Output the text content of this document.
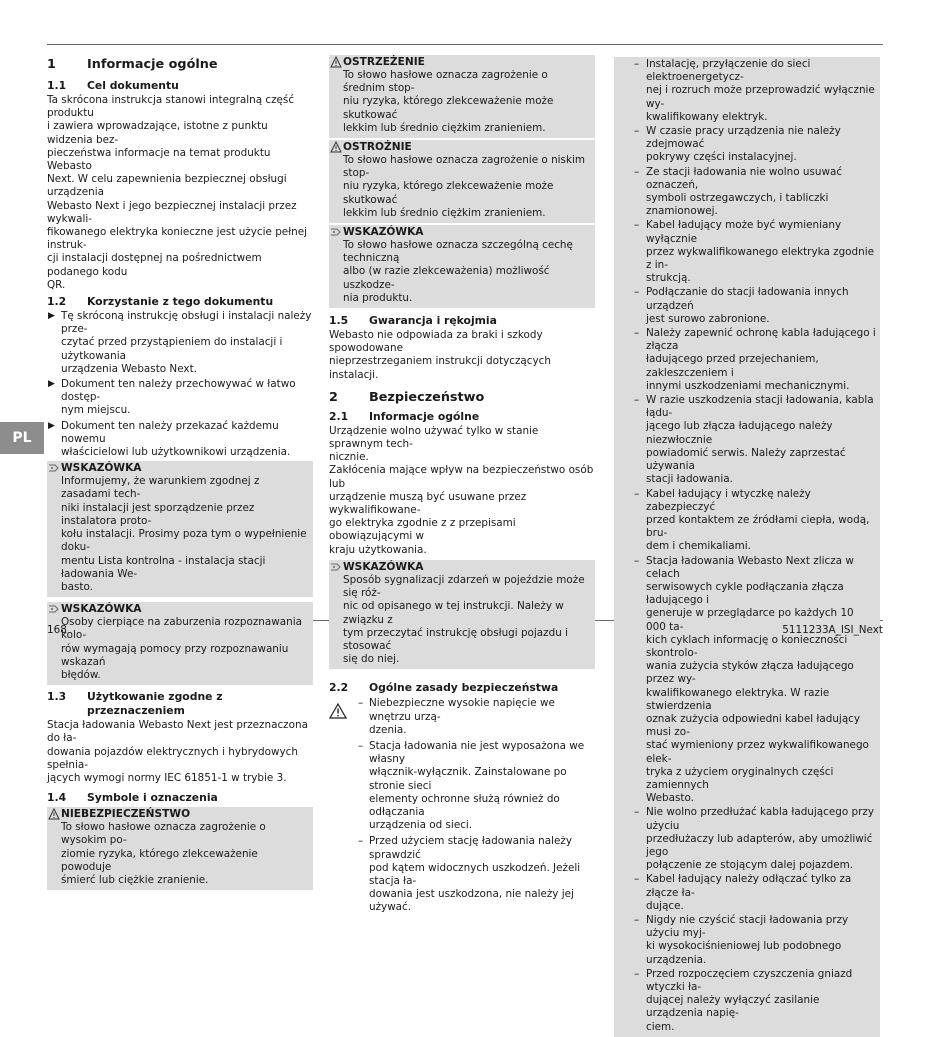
1	Informacje ogólne
1.1	Cel dokumentu

Ta skrócona instrukcja stanowi integralną część produktu
i zawiera wprowadzające, istotne z punktu widzenia bez-
pieczeństwa informacje na temat produktu Webasto
Next. W celu zapewnienia bezpiecznej obsługi urządzenia
Webasto Next i jego bezpiecznej instalacji przez wykwali-
fikowanego elektryka konieczne jest użycie pełnej instruk-
cji instalacji dostępnej na pośrednictwem podanego kodu
QR.

1.2	Korzystanie z tego dokumentu
▶ Tę skróconą instrukcję obsługi i instalacji należy prze-
czytać przed przystąpieniem do instalacji i użytkowania
urządzenia Webasto Next.
▶ Dokument ten należy przechowywać w łatwo dostęp-
nym miejscu.
▶ Dokument ten należy przekazać każdemu nowemu
właścicielowi lub użytkownikowi urządzenia.
WSKAZÓWKA
Informujemy, że warunkiem zgodnej z zasadami tech-
niki instalacji jest sporządzenie przez instalatora proto-
kołu instalacji. Prosimy poza tym o wypełnienie doku-
mentu Lista kontrolna - instalacja stacji ładowania We-
basto.
WSKAZÓWKA
Osoby cierpiące na zaburzenia rozpoznawania kolo-
rów wymagają pomocy przy rozpoznawaniu wskazań
błędów.
1.3	Użytkowanie zgodne z przeznaczeniem

Stacja ładowania Webasto Next jest przeznaczona do ła-
dowania pojazdów elektrycznych i hybrydowych spełnia-
jących wymogi normy IEC 61851-1 w trybie 3.

1.4	Symbole i oznaczenia
NIEBEZPIECZEŃSTWO
To słowo hasłowe oznacza zagrożenie o wysokim po-
ziomie ryzyka, którego zlekceważenie powoduje
śmierć lub ciężkie zranienie.
OSTRZEŻENIE
To słowo hasłowe oznacza zagrożenie o średnim stop-
niu ryzyka, którego zlekceważenie może skutkować
lekkim lub średnio ciężkim zranieniem.
OSTROŻNIE
To słowo hasłowe oznacza zagrożenie o niskim stop-
niu ryzyka, którego zlekceważenie może skutkować
lekkim lub średnio ciężkim zranieniem.
WSKAZÓWKA
To słowo hasłowe oznacza szczególną cechę techniczną
albo (w razie zlekceważenia) możliwość uszkodze-
nia produktu.
1.5	Gwarancja i rękojmia

Webasto nie odpowiada za braki i szkody spowodowane
nieprzestrzeganiem instrukcji dotyczących instalacji.

2	Bezpieczeństwo
2.1	Informacje ogólne

Urządzenie wolno używać tylko w stanie sprawnym tech-
nicznie.
Zakłócenia mające wpływ na bezpieczeństwo osób lub
urządzenie muszą być usuwane przez wykwalifikowane-
go elektryka zgodnie z z przepisami obowiązującymi w
kraju użytkowania.

WSKAZÓWKA
Sposób sygnalizacji zdarzeń w pojeździe może się róż-
nic od opisanego w tej instrukcji. Należy w związku z
tym przeczytać instrukcję obsługi pojazdu i stosować
się do niej.
2.2	Ogólne zasady bezpieczeństwa
– Niebezpieczne wysokie napięcie we wnętrzu urzą-
dzenia.
– Stacja ładowania nie jest wyposażona we własny
włącznik-wyłącznik. Zainstalowane po stronie sieci
elementy ochronne służą również do odłączania
urządzenia od sieci.
– Przed użyciem stację ładowania należy sprawdzić
pod kątem widocznych uszkodzeń. Jeżeli stacja ła-
dowania jest uszkodzona, nie należy jej używać.
– Instalację, przyłączenie do sieci elektroenergetycz-
nej i rozruch może przeprowadzić wyłącznie wy-
kwalifikowany elektryk.
– W czasie pracy urządzenia nie należy zdejmować
pokrywy części instalacyjnej.
– Ze stacji ładowania nie wolno usuwać oznaczeń,
symboli ostrzegawczych, i tabliczki znamionowej.
– Kabel ładujący może być wymieniany wyłącznie
przez wykwalifikowanego elektryka zgodnie z in-
strukcją.
– Podłączanie do stacji ładowania innych urządzeń
jest surowo zabronione.
– Należy zapewnić ochronę kabla ładującego i złącza
ładującego przed przejechaniem, zakleszczeniem i
innymi uszkodzeniami mechanicznymi.
– W razie uszkodzenia stacji ładowania, kabla łądu-
jącego lub złącza ładującego należy niezwłocznie
powiadomić serwis. Należy zaprzestać używania
stacji ładowania.
– Kabel ładujący i wtyczkę należy zabezpieczyć
przed kontaktem ze źródłami ciepła, wodą, bru-
dem i chemikaliami.
– Stacja ładowania Webasto Next zlicza w celach
serwisowych cykle podłączania złącza ładującego i
generuje w przeglądarce po każdych 10 000 ta-
kich cyklach informację o konieczności skontrolo-
wania zużycia styków złącza ładującego przez wy-
kwalifikowanego elektryka. W razie stwierdzenia
oznak zużycia odpowiedni kabel ładujący musi zo-
stać wymieniony przez wykwalifikowanego elek-
tryka z użyciem oryginalnych części zamiennych
Webasto.
– Nie wolno przedłużać kabla ładującego przy użyciu
przedłużaczy lub adapterów, aby umożliwić jego
połączenie ze stojącym dalej pojazdem.
– Kabel ładujący należy odłączać tylko za złącze ła-
dujące.
– Nigdy nie czyścić stacji ładowania przy użyciu myj-
ki wysokociśnieniowej lub podobnego urządzenia.
– Przed rozpoczęciem czyszczenia gniazd wtyczki ła-
dującej należy wyłączyć zasilanie urządzenia napię-
ciem.
PL
168	5111233A_ISI_Next
